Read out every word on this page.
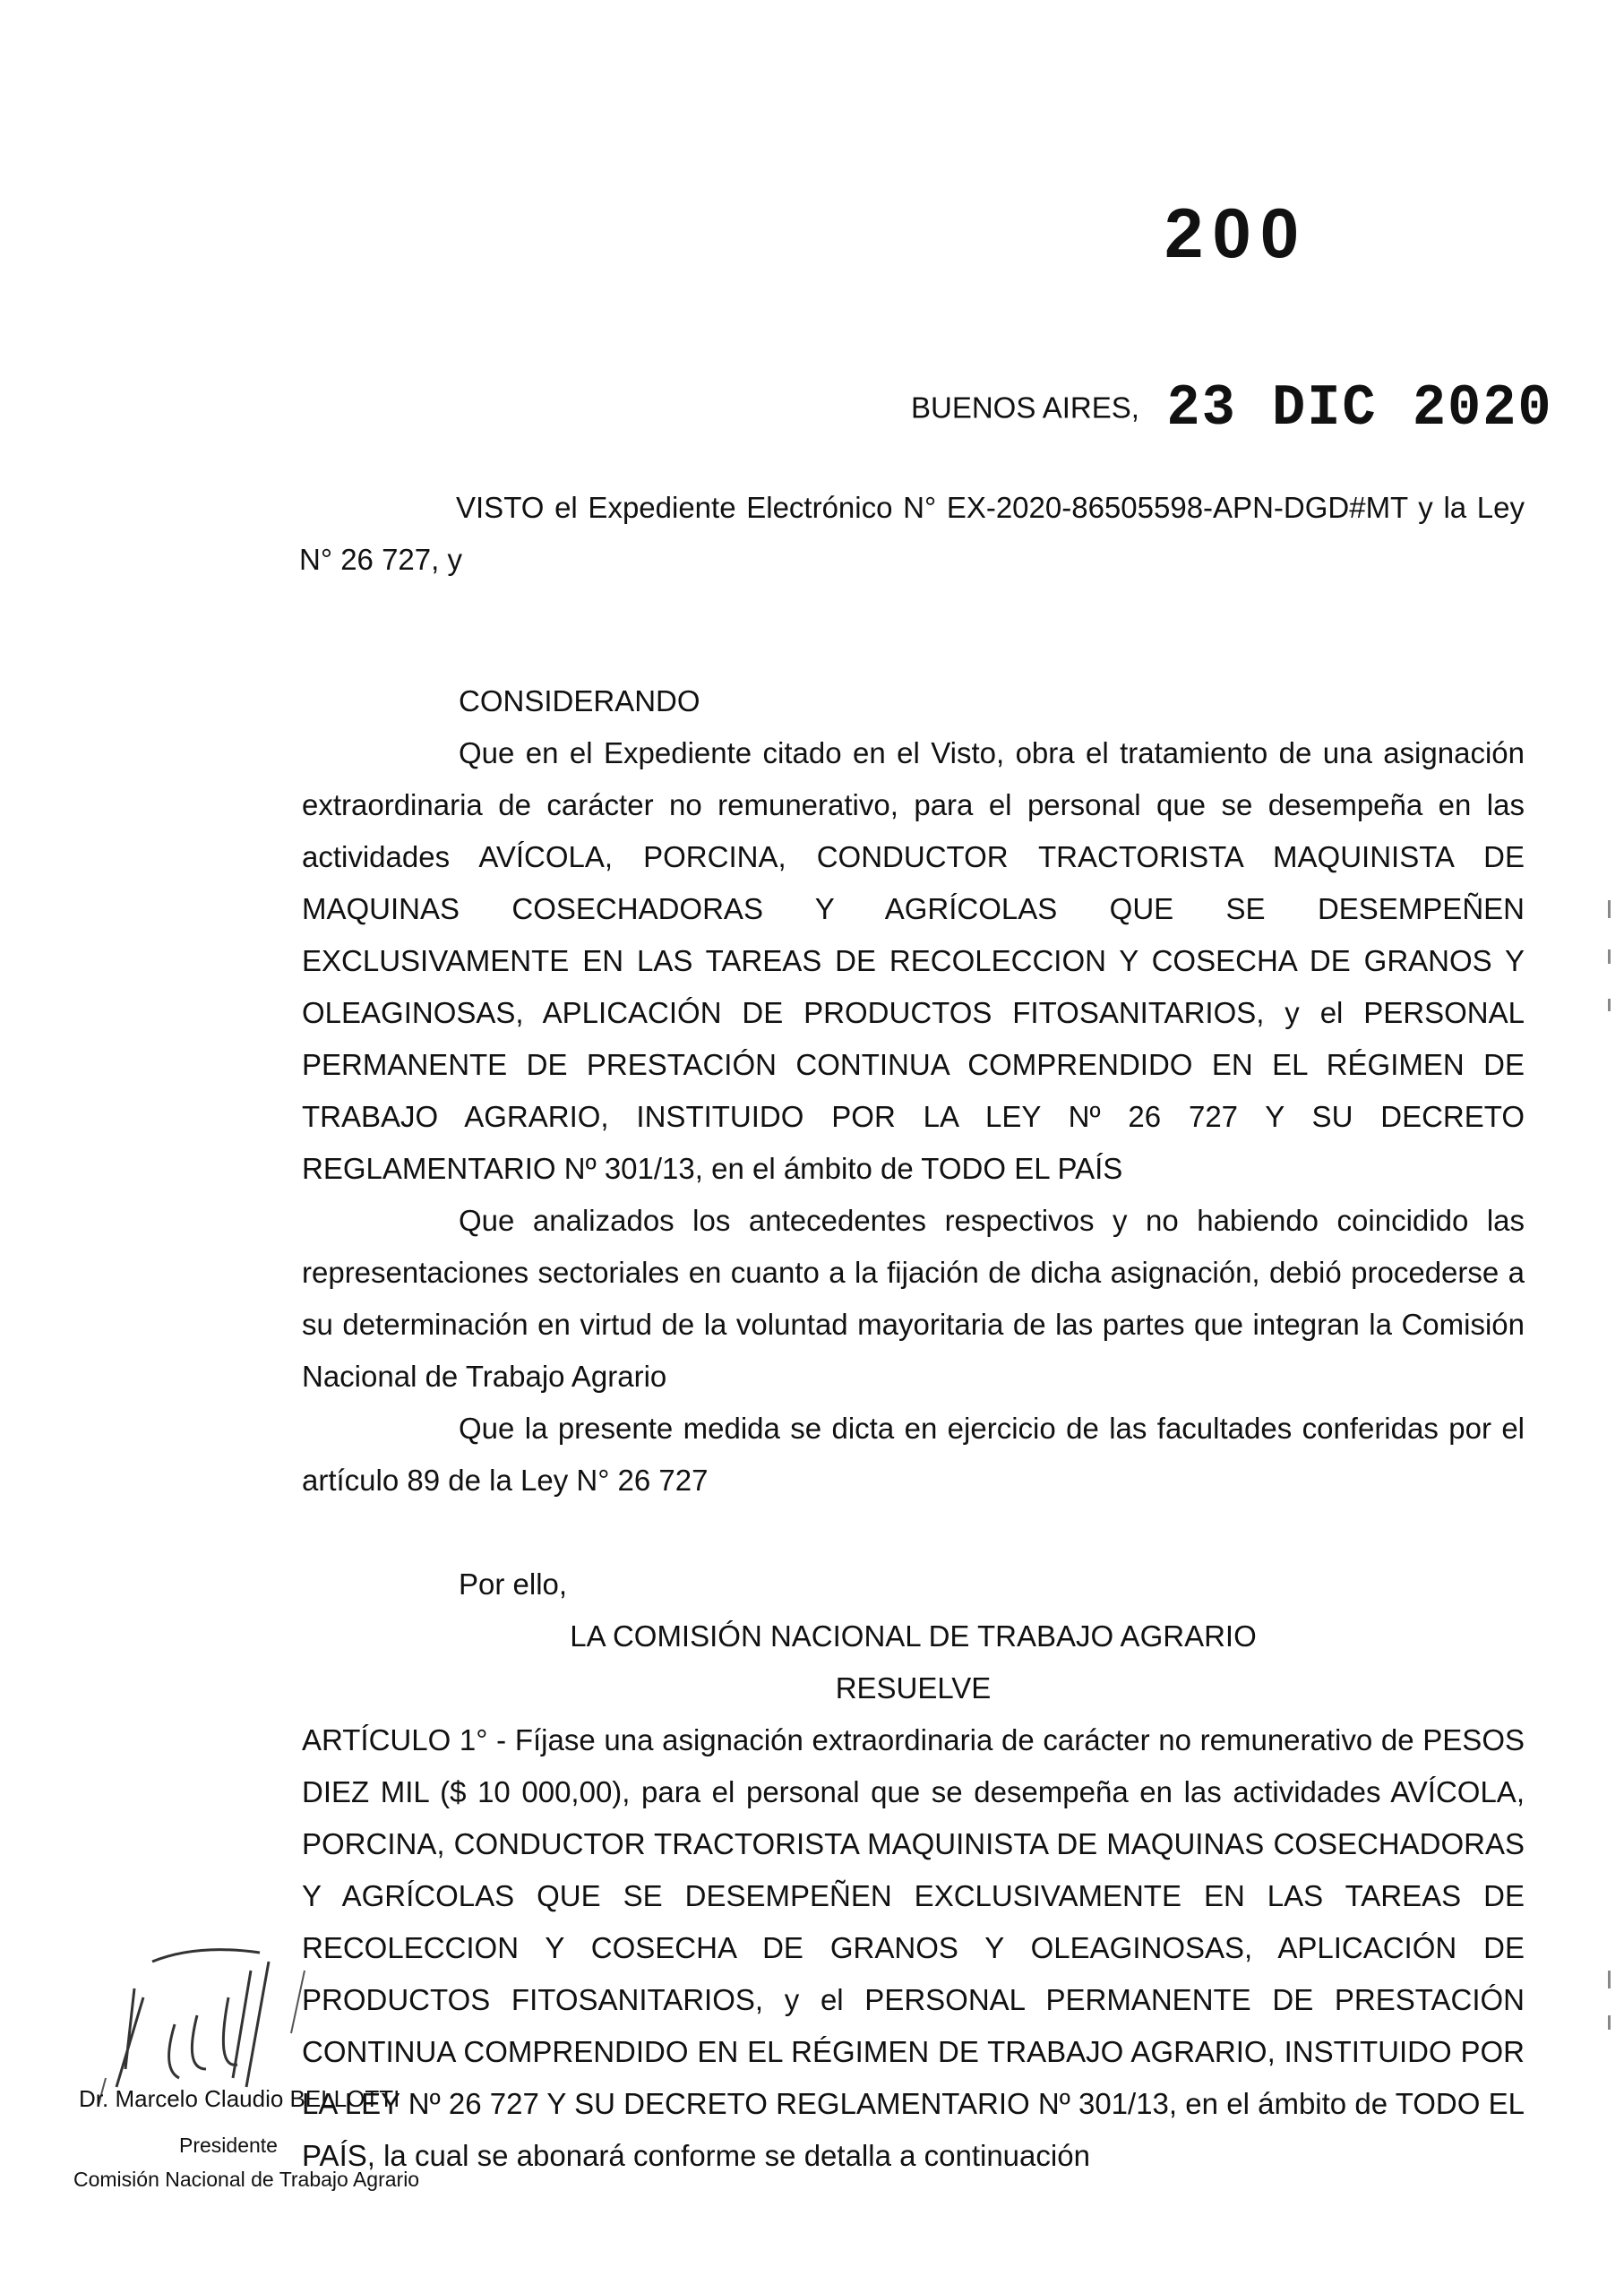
200
BUENOS AIRES, 23 DIC 2020

VISTO el Expediente Electrónico N° EX-2020-86505598-APN-DGD#MT y la Ley N° 26 727, y

CONSIDERANDO

Que en el Expediente citado en el Visto, obra el tratamiento de una asignación extraordinaria de carácter no remunerativo, para el personal que se desempeña en las actividades AVÍCOLA, PORCINA, CONDUCTOR TRACTORISTA MAQUINISTA DE MAQUINAS COSECHADORAS Y AGRÍCOLAS QUE SE DESEMPEÑEN EXCLUSIVAMENTE EN LAS TAREAS DE RECOLECCION Y COSECHA DE GRANOS Y OLEAGINOSAS, APLICACIÓN DE PRODUCTOS FITOSANITARIOS, y el PERSONAL PERMANENTE DE PRESTACIÓN CONTINUA COMPRENDIDO EN EL RÉGIMEN DE TRABAJO AGRARIO, INSTITUIDO POR LA LEY Nº 26 727 Y SU DECRETO REGLAMENTARIO Nº 301/13, en el ámbito de TODO EL PAÍS

Que analizados los antecedentes respectivos y no habiendo coincidido las representaciones sectoriales en cuanto a la fijación de dicha asignación, debió procederse a su determinación en virtud de la voluntad mayoritaria de las partes que integran la Comisión Nacional de Trabajo Agrario

Que la presente medida se dicta en ejercicio de las facultades conferidas por el artículo 89 de la Ley N° 26 727

Por ello,

LA COMISIÓN NACIONAL DE TRABAJO AGRARIO

RESUELVE

ARTÍCULO 1° - Fíjase una asignación extraordinaria de carácter no remunerativo de PESOS DIEZ MIL ($ 10 000,00), para el personal que se desempeña en las actividades AVÍCOLA, PORCINA, CONDUCTOR TRACTORISTA MAQUINISTA DE MAQUINAS COSECHADORAS Y AGRÍCOLAS QUE SE DESEMPEÑEN EXCLUSIVAMENTE EN LAS TAREAS DE RECOLECCION Y COSECHA DE GRANOS Y OLEAGINOSAS, APLICACIÓN DE PRODUCTOS FITOSANITARIOS, y el PERSONAL PERMANENTE DE PRESTACIÓN CONTINUA COMPRENDIDO EN EL RÉGIMEN DE TRABAJO AGRARIO, INSTITUIDO POR LA LEY Nº 26 727 Y SU DECRETO REGLAMENTARIO Nº 301/13, en el ámbito de TODO EL PAÍS, la cual se abonará conforme se detalla a continuación

Dr. Marcelo Claudio BELLOTTI
Presidente
Comisión Nacional de Trabajo Agrario
